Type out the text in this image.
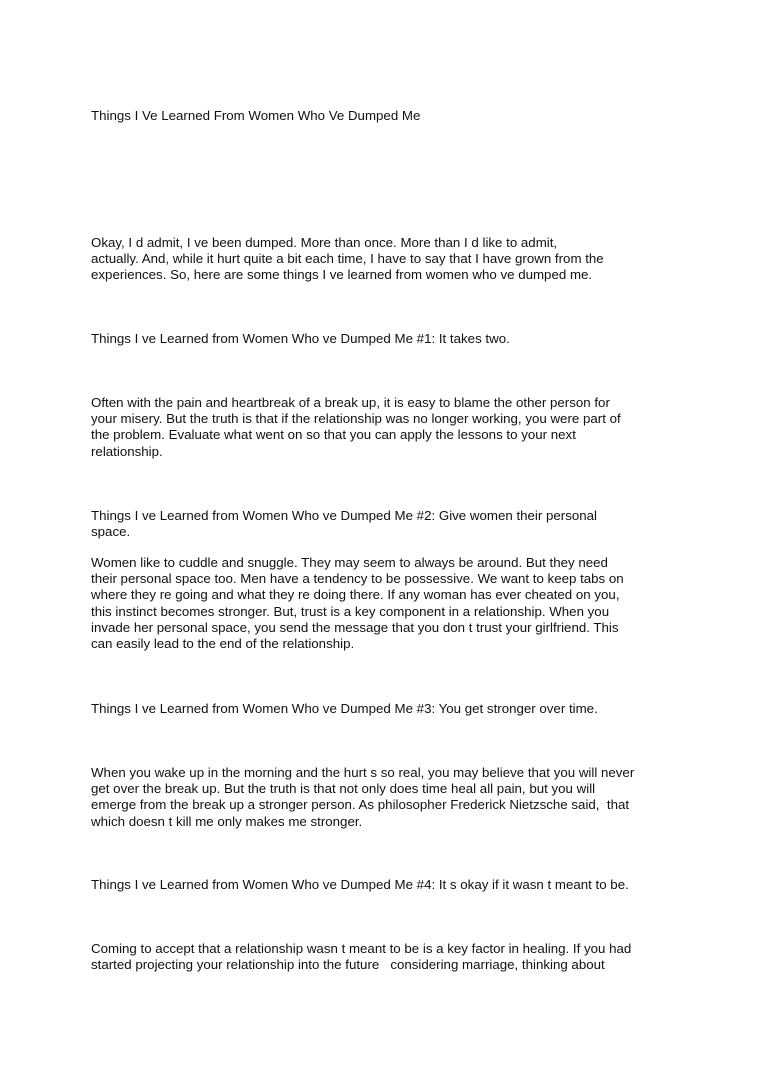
Things I Ve Learned From Women Who Ve Dumped Me

Okay, I d admit, I ve been dumped. More than once. More than I d like to admit,
actually. And, while it hurt quite a bit each time, I have to say that I have grown from the
experiences. So, here are some things I ve learned from women who ve dumped me.

Things I ve Learned from Women Who ve Dumped Me #1: It takes two.

Often with the pain and heartbreak of a break up, it is easy to blame the other person for
your misery. But the truth is that if the relationship was no longer working, you were part of
the problem. Evaluate what went on so that you can apply the lessons to your next
relationship.

Things I ve Learned from Women Who ve Dumped Me #2: Give women their personal
space.

Women like to cuddle and snuggle. They may seem to always be around. But they need
their personal space too. Men have a tendency to be possessive. We want to keep tabs on
where they re going and what they re doing there. If any woman has ever cheated on you,
this instinct becomes stronger. But, trust is a key component in a relationship. When you
invade her personal space, you send the message that you don t trust your girlfriend. This
can easily lead to the end of the relationship.

Things I ve Learned from Women Who ve Dumped Me #3: You get stronger over time.

When you wake up in the morning and the hurt s so real, you may believe that you will never
get over the break up. But the truth is that not only does time heal all pain, but you will
emerge from the break up a stronger person. As philosopher Frederick Nietzsche said,  that
which doesn t kill me only makes me stronger.

Things I ve Learned from Women Who ve Dumped Me #4: It s okay if it wasn t meant to be.

Coming to accept that a relationship wasn t meant to be is a key factor in healing. If you had
started projecting your relationship into the future   considering marriage, thinking about
